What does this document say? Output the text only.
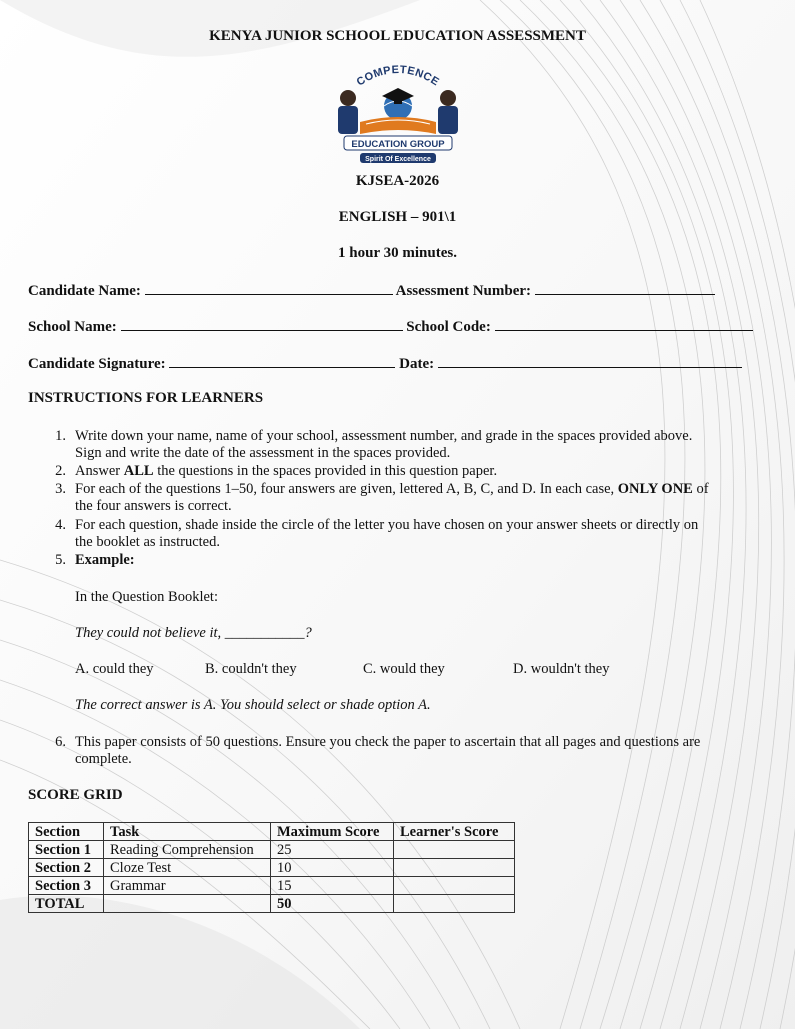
KENYA JUNIOR SCHOOL EDUCATION ASSESSMENT
COMPETENCE
EDUCATION GROUP
Spirit Of Excellence
KJSEA-2026
ENGLISH – 901\1
1 hour 30 minutes.
Candidate Name:	Assessment Number:
School Name:	School Code:
Candidate Signature:	Date:
INSTRUCTIONS FOR LEARNERS
1. Write down your name, name of your school, assessment number, and grade in the spaces provided above.
Sign and write the date of the assessment in the spaces provided.
2. Answer ALL the questions in the spaces provided in this question paper.
3. For each of the questions 1–50, four answers are given, lettered A, B, C, and D. In each case, ONLY ONE of
the four answers is correct.
4. For each question, shade inside the circle of the letter you have chosen on your answer sheets or directly on
the booklet as instructed.
5. Example:
In the Question Booklet:
They could not believe it, ___________?
A. could they	B. couldn't they	C. would they	D. wouldn't they
The correct answer is A. You should select or shade option A.
6. This paper consists of 50 questions. Ensure you check the paper to ascertain that all pages and questions are
complete.
SCORE GRID
Section	Task	Maximum Score	Learner's Score
Section 1	Reading Comprehension	25	
Section 2	Cloze Test	10	
Section 3	Grammar	15	
TOTAL		50	
